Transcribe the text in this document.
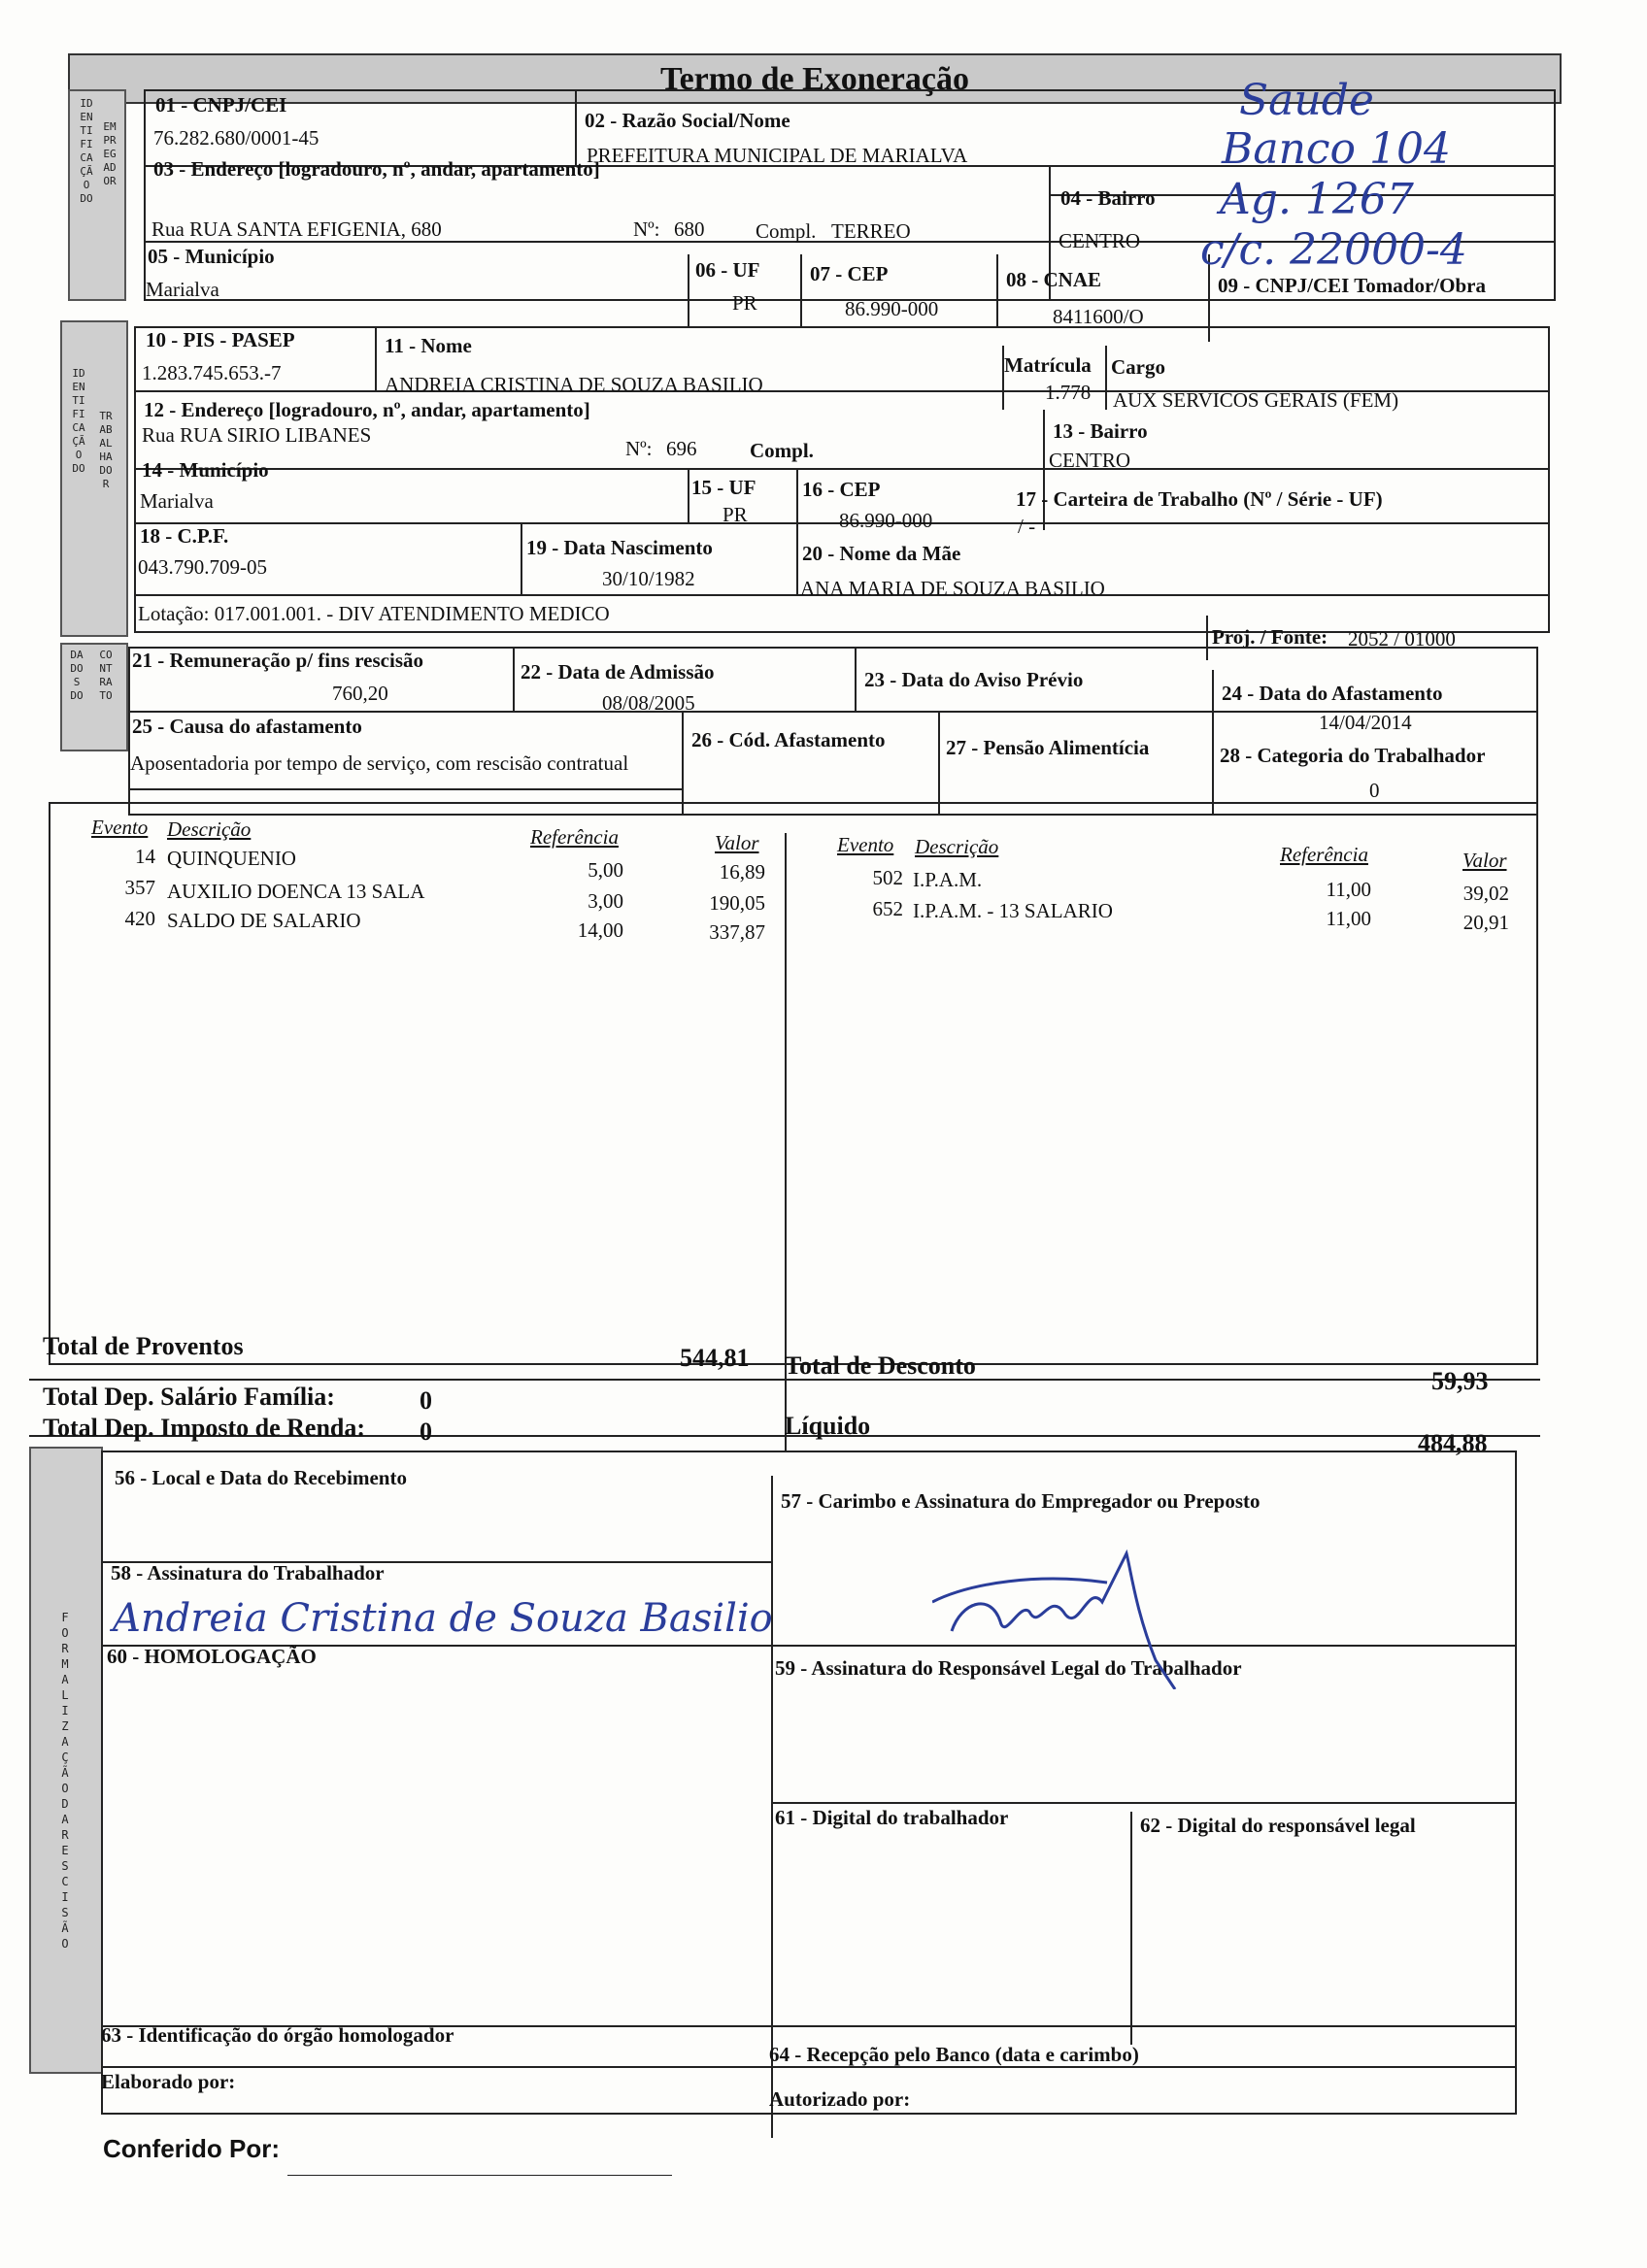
Termo de Exoneração
IDENTIFICAÇÃO DO
EMPREGADOR
01 - CNPJ/CEI
76.282.680/0001-45
02 - Razão Social/Nome
PREFEITURA MUNICIPAL DE MARIALVA
03 - Endereço [logradouro, nº, andar, apartamento]
Rua RUA SANTA EFIGENIA, 680	Nº: 680	Compl. TERREO
04 - Bairro
CENTRO
05 - Município
Marialva
06 - UF
PR
07 - CEP
86.990-000
08 - CNAE
8411600/O
09 - CNPJ/CEI Tomador/Obra
Saude
Banco 104
Ag. 1267
c/c. 22000-4
IDENTIFICAÇÃO DO
TRABALHADOR
10 - PIS - PASEP
1.283.745.653.-7
11 - Nome
ANDREIA CRISTINA DE SOUZA BASILIO
Matrícula
1.778
Cargo
AUX SERVICOS GERAIS (FEM)
12 - Endereço [logradouro, nº, andar, apartamento]
Rua RUA SIRIO LIBANES
Nº: 696	Compl.
13 - Bairro
CENTRO
14 - Município
Marialva
15 - UF
PR
16 - CEP
86.990-000
17 - Carteira de Trabalho (Nº / Série - UF)
/ -
18 - C.P.F.
043.790.709-05
19 - Data Nascimento
30/10/1982
20 - Nome da Mãe
ANA MARIA DE SOUZA BASILIO
Lotação: 017.001.001. - DIV ATENDIMENTO MEDICO
Proj. / Fonte: 2052 / 01000
DADOS DO
CONTRATO
21 - Remuneração p/ fins rescisão
760,20
22 - Data de Admissão
08/08/2005
23 - Data do Aviso Prévio
24 - Data do Afastamento
14/04/2014
25 - Causa do afastamento
Aposentadoria por tempo de serviço, com rescisão contratual
26 - Cód. Afastamento	27 - Pensão Alimentícia	28 - Categoria do Trabalhador
0
Evento Descrição	Referência	Valor	Evento Descrição	Referência	Valor
14 QUINQUENIO	5,00	16,89
357 AUXILIO DOENCA 13 SALA	3,00	190,05
420 SALDO DE SALARIO	14,00	337,87
502 I.P.A.M.	11,00	39,02
652 I.P.A.M. - 13 SALARIO	11,00	20,91
Total de Proventos	544,81 Total de Desconto
59,93
Total Dep. Salário Família:	0
Total Dep. Imposto de Renda: 0	Líquido
484,88
FORMALIZAÇÃO DA RESCISÃO
56 - Local e Data do Recebimento
57 - Carimbo e Assinatura do Empregador ou Preposto
58 - Assinatura do Trabalhador
Andreia Cristina de Souza Basilio
60 - HOMOLOGAÇÃO	59 - Assinatura do Responsável Legal do Trabalhador
61 - Digital do trabalhador	62 - Digital do responsável legal
63 - Identificação do órgão homologador
64 - Recepção pelo Banco (data e carimbo)
Elaborado por:
Autorizado por:
Conferido Por:
